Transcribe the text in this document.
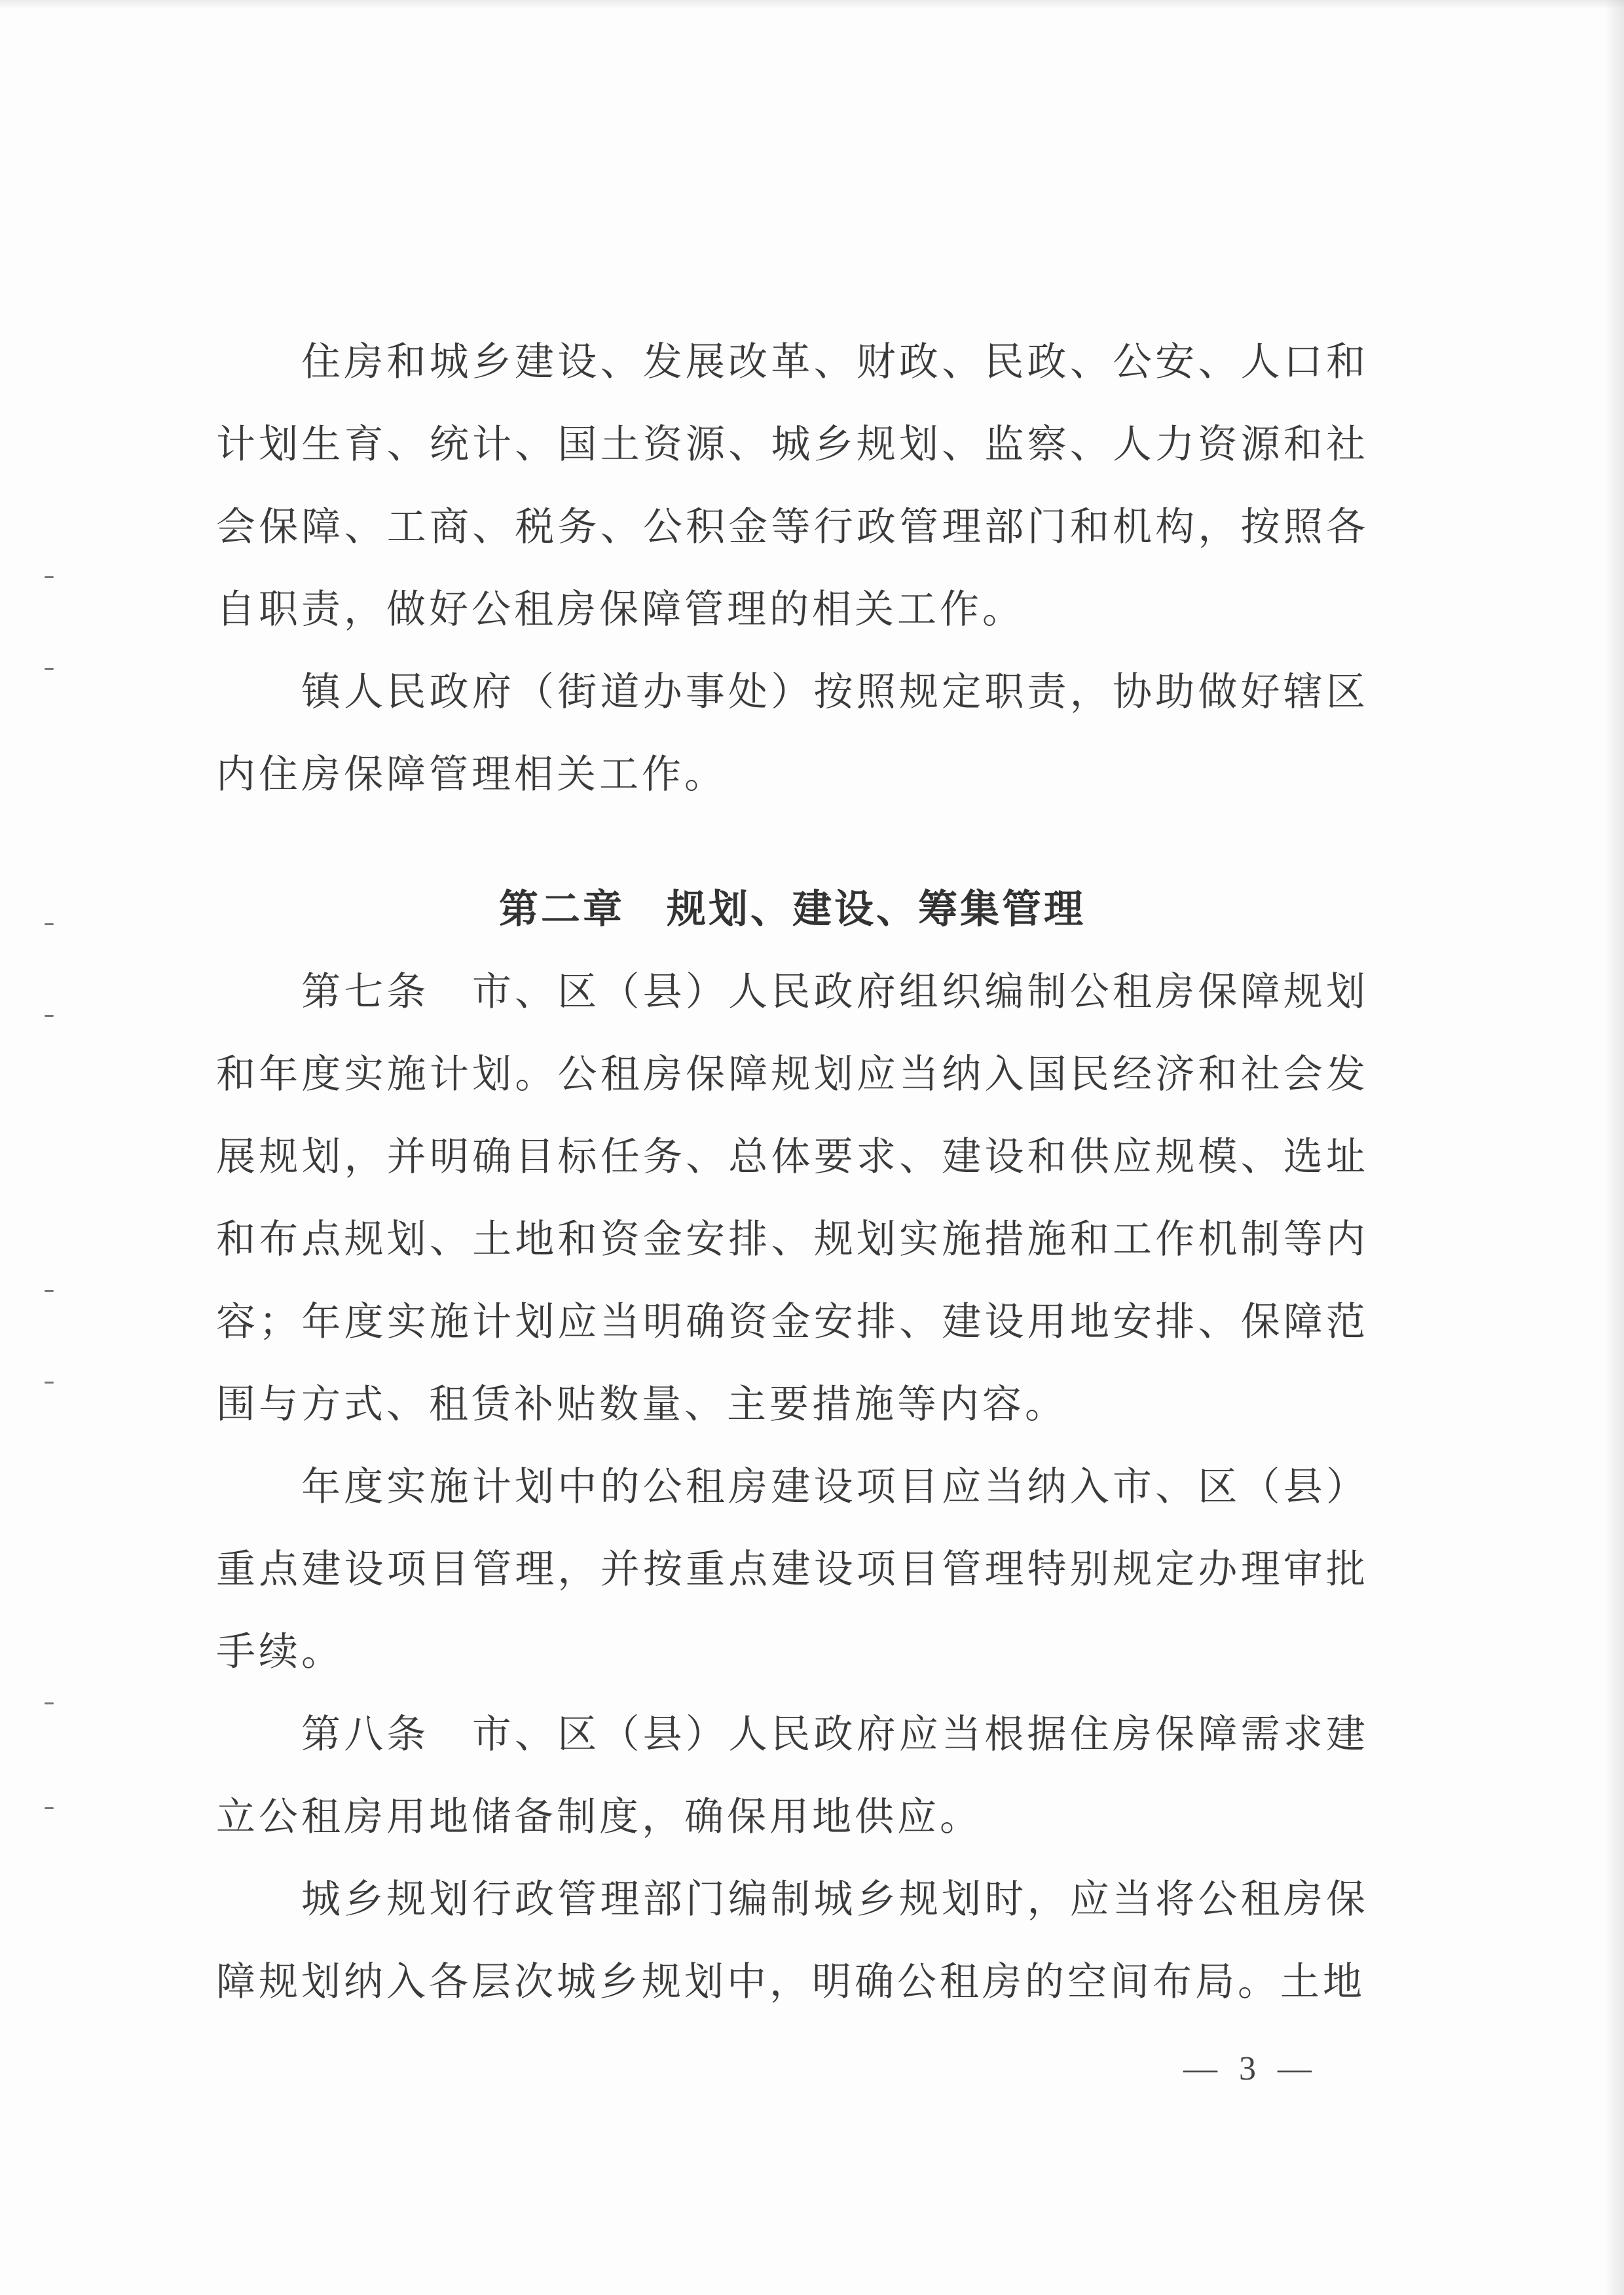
住房和城乡建设、发展改革、财政、民政、公安、人口和计划生育、统计、国土资源、城乡规划、监察、人力资源和社会保障、工商、税务、公积金等行政管理部门和机构，按照各自职责，做好公租房保障管理的相关工作。

镇人民政府（街道办事处）按照规定职责，协助做好辖区内住房保障管理相关工作。

第二章　规划、建设、筹集管理

第七条　市、区（县）人民政府组织编制公租房保障规划和年度实施计划。公租房保障规划应当纳入国民经济和社会发展规划，并明确目标任务、总体要求、建设和供应规模、选址和布点规划、土地和资金安排、规划实施措施和工作机制等内容；年度实施计划应当明确资金安排、建设用地安排、保障范围与方式、租赁补贴数量、主要措施等内容。

年度实施计划中的公租房建设项目应当纳入市、区（县）重点建设项目管理，并按重点建设项目管理特别规定办理审批手续。

第八条　市、区（县）人民政府应当根据住房保障需求建立公租房用地储备制度，确保用地供应。

城乡规划行政管理部门编制城乡规划时，应当将公租房保障规划纳入各层次城乡规划中，明确公租房的空间布局。土地

— 3 —
